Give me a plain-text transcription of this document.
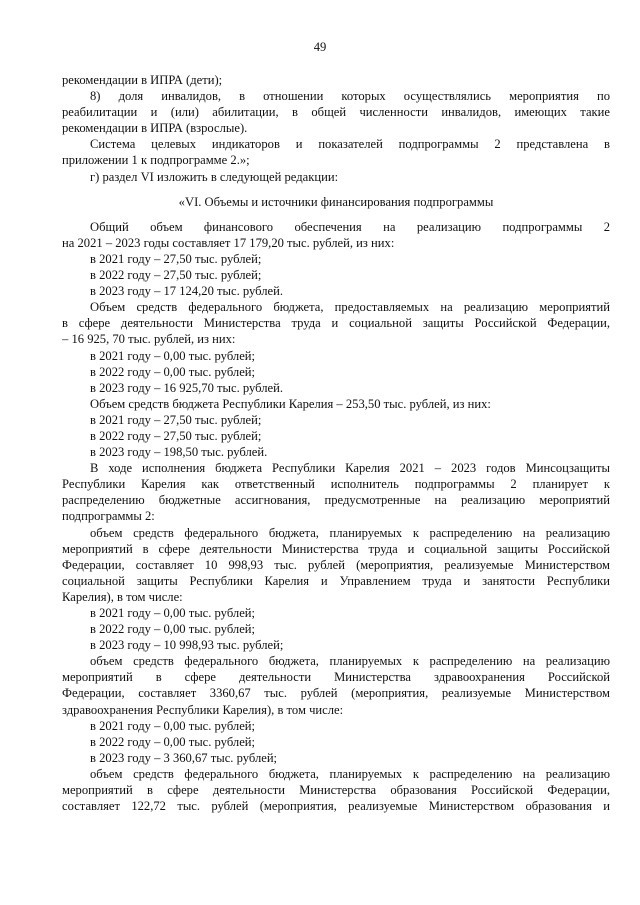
49
рекомендации в ИПРА (дети);
8) доля инвалидов, в отношении которых осуществлялись мероприятия по
реабилитации и (или) абилитации, в общей численности инвалидов, имеющих такие
рекомендации в ИПРА (взрослые).
Система целевых индикаторов и показателей подпрограммы 2 представлена в
приложении 1 к подпрограмме 2.»;
г) раздел VI изложить в следующей редакции:
«VI. Объемы и источники финансирования подпрограммы
Общий объем финансового обеспечения на реализацию подпрограммы 2
на 2021 – 2023 годы составляет 17 179,20 тыс. рублей, из них:
в 2021 году – 27,50 тыс. рублей;
в 2022 году – 27,50 тыс. рублей;
в 2023 году – 17 124,20 тыс. рублей.
Объем средств федерального бюджета, предоставляемых на реализацию мероприятий
в сфере деятельности Министерства труда и социальной защиты Российской Федерации,
– 16 925, 70 тыс. рублей, из них:
в 2021 году – 0,00 тыс. рублей;
в 2022 году – 0,00 тыс. рублей;
в 2023 году – 16 925,70 тыс. рублей.
Объем средств бюджета Республики Карелия – 253,50 тыс. рублей, из них:
в 2021 году – 27,50 тыс. рублей;
в 2022 году – 27,50 тыс. рублей;
в 2023 году – 198,50 тыс. рублей.
В ходе исполнения бюджета Республики Карелия 2021 – 2023 годов Минсоцзащиты
Республики Карелия как ответственный исполнитель подпрограммы 2 планирует к
распределению бюджетные ассигнования, предусмотренные на реализацию мероприятий
подпрограммы 2:
объем средств федерального бюджета, планируемых к распределению на реализацию
мероприятий в сфере деятельности Министерства труда и социальной защиты Российской
Федерации, составляет 10 998,93 тыс. рублей (мероприятия, реализуемые Министерством
социальной защиты Республики Карелия и Управлением труда и занятости Республики
Карелия), в том числе:
в 2021 году – 0,00 тыс. рублей;
в 2022 году – 0,00 тыс. рублей;
в 2023 году – 10 998,93 тыс. рублей;
объем средств федерального бюджета, планируемых к распределению на реализацию
мероприятий в сфере деятельности Министерства здравоохранения Российской
Федерации, составляет 3360,67 тыс. рублей (мероприятия, реализуемые Министерством
здравоохранения Республики Карелия), в том числе:
в 2021 году – 0,00 тыс. рублей;
в 2022 году – 0,00 тыс. рублей;
в 2023 году – 3 360,67 тыс. рублей;
объем средств федерального бюджета, планируемых к распределению на реализацию
мероприятий в сфере деятельности Министерства образования Российской Федерации,
составляет 122,72 тыс. рублей (мероприятия, реализуемые Министерством образования и
